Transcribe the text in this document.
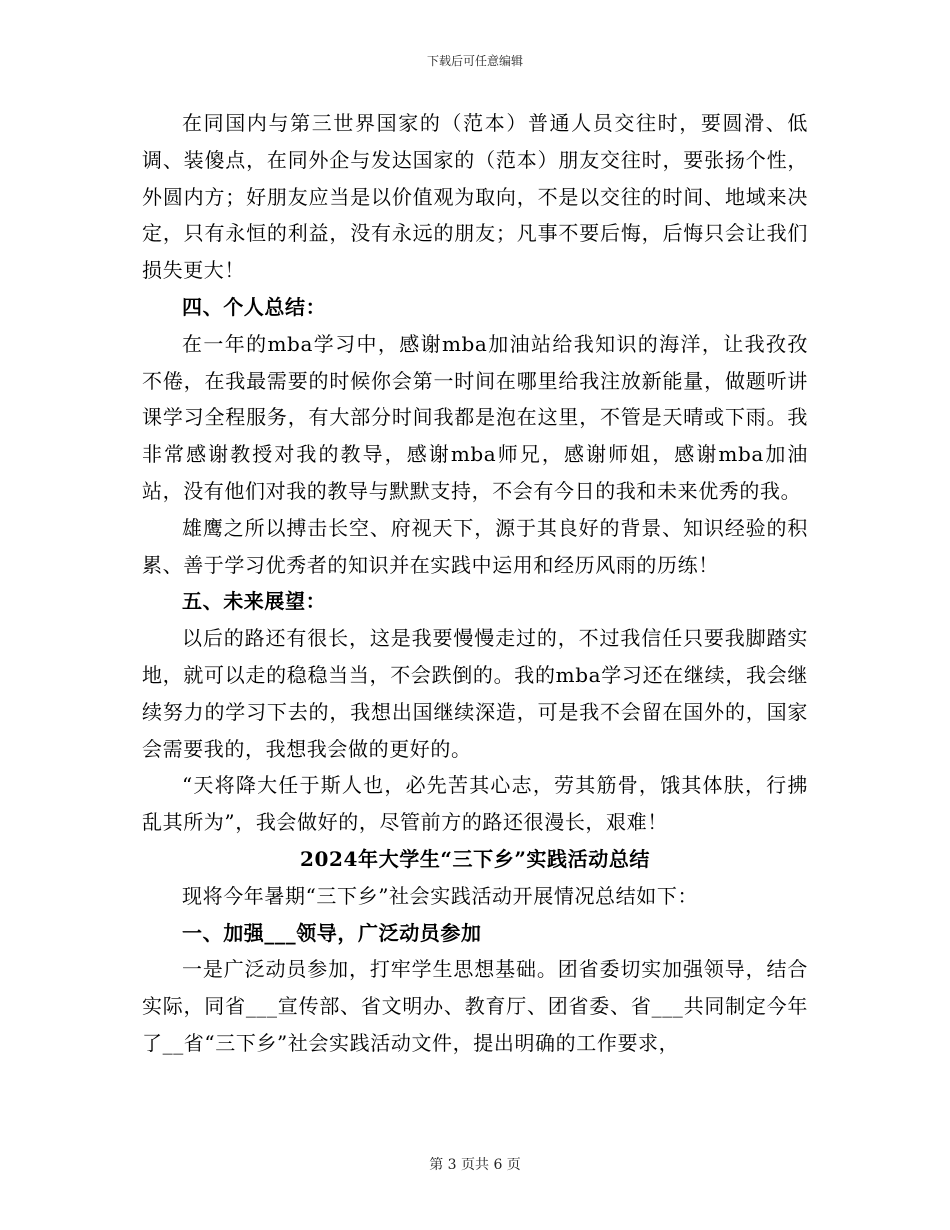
下载后可任意编辑

在同国内与第三世界国家的（范本）普通人员交往时，要圆滑、低调、装傻点，在同外企与发达国家的（范本）朋友交往时，要张扬个性，外圆内方；好朋友应当是以价值观为取向，不是以交往的时间、地域来决定，只有永恒的利益，没有永远的朋友；凡事不要后悔，后悔只会让我们损失更大！

四、个人总结：

在一年的mba学习中，感谢mba加油站给我知识的海洋，让我孜孜不倦，在我最需要的时候你会第一时间在哪里给我注放新能量，做题听讲课学习全程服务，有大部分时间我都是泡在这里，不管是天晴或下雨。我非常感谢教授对我的教导，感谢mba师兄，感谢师姐，感谢mba加油站，没有他们对我的教导与默默支持，不会有今日的我和未来优秀的我。

雄鹰之所以搏击长空、府视天下，源于其良好的背景、知识经验的积累、善于学习优秀者的知识并在实践中运用和经历风雨的历练！

五、未来展望：

以后的路还有很长，这是我要慢慢走过的，不过我信任只要我脚踏实地，就可以走的稳稳当当，不会跌倒的。我的mba学习还在继续，我会继续努力的学习下去的，我想出国继续深造，可是我不会留在国外的，国家会需要我的，我想我会做的更好的。

“天将降大任于斯人也，必先苦其心志，劳其筋骨，饿其体肤，行拂乱其所为”，我会做好的，尽管前方的路还很漫长，艰难！

2024年大学生“三下乡”实践活动总结

现将今年暑期“三下乡”社会实践活动开展情况总结如下：

一、加强___领导，广泛动员参加

一是广泛动员参加，打牢学生思想基础。团省委切实加强领导，结合实际，同省___宣传部、省文明办、教育厅、团省委、省___共同制定今年了__省“三下乡”社会实践活动文件，提出明确的工作要求，

第 3 页共 6 页
